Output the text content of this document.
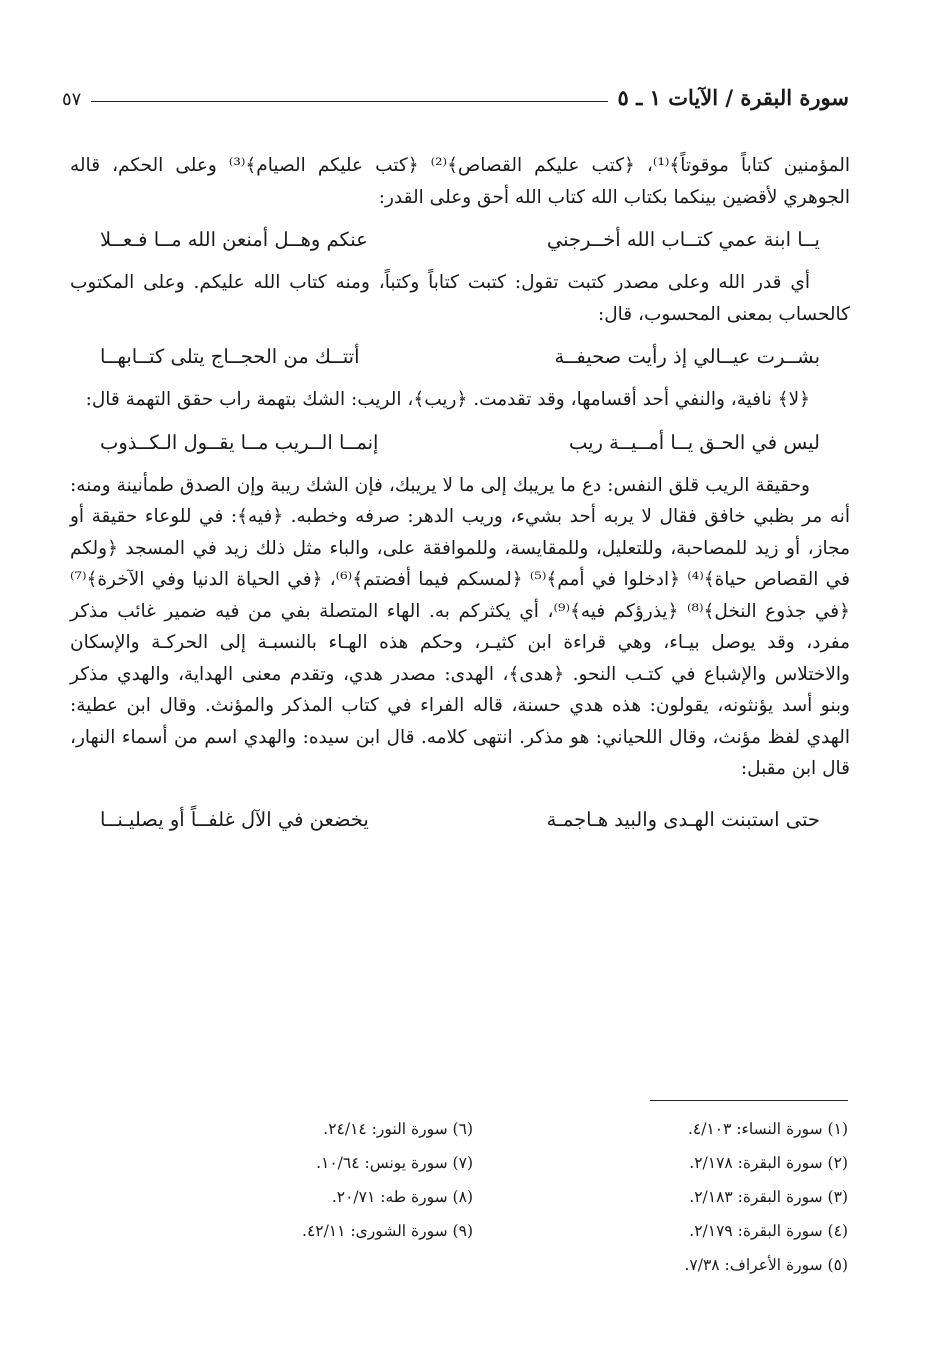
سورة البقرة / الآيات ١ ـ ٥
٥٧

المؤمنين كتاباً موقوتاً﴾⁽¹⁾، ﴿كتب عليكم القصاص﴾⁽²⁾ ﴿كتب عليكم الصيام﴾⁽³⁾ وعلى الحكم، قاله الجوهري لأقضين بينكما بكتاب الله كتاب الله أحق وعلى القدر:

يــا ابنة عمي كتــاب الله أخــرجني
عنكم وهــل أمنعن الله مــا فـعــلا

أي قدر الله وعلى مصدر كتبت تقول: كتبت كتاباً وكتباً، ومنه كتاب الله عليكم. وعلى المكتوب كالحساب بمعنى المحسوب، قال:

بشــرت عيــالي إذ رأيت صحيفــة
أتتــك من الحجــاج يتلى كتــابهــا

﴿لا﴾ نافية، والنفي أحد أقسامها، وقد تقدمت. ﴿ريب﴾، الريب: الشك بتهمة راب حقق التهمة قال:

ليس في الحـق يــا أمــيــة ريب
إنمــا الــريب مــا يقــول الـكــذوب

وحقيقة الريب قلق النفس: دع ما يريبك إلى ما لا يريبك، فإن الشك ريبة وإن الصدق طمأنينة ومنه: أنه مر بظبي خافق فقال لا يربه أحد بشيء، وريب الدهر: صرفه وخطبه. ﴿فيه﴾: في للوعاء حقيقة أو مجاز، أو زيد للمصاحبة، وللتعليل، وللمقايسة، وللموافقة على، والباء مثل ذلك زيد في المسجد ﴿ولكم في القصاص حياة﴾⁽⁴⁾ ﴿ادخلوا في أمم﴾⁽⁵⁾ ﴿لمسكم فيما أفضتم﴾⁽⁶⁾، ﴿في الحياة الدنيا وفي الآخرة﴾⁽⁷⁾ ﴿في جذوع النخل﴾⁽⁸⁾ ﴿يذرؤكم فيه﴾⁽⁹⁾، أي يكثركم به. الهاء المتصلة بفي من فيه ضمير غائب مذكر مفرد، وقد يوصل بيـاء، وهي قراءة ابن كثيـر، وحكم هذه الهـاء بالنسبـة إلى الحركـة والإسكان والاختلاس والإشباع في كتـب النحو. ﴿هدى﴾، الهدى: مصدر هدي، وتقدم معنى الهداية، والهدي مذكر وبنو أسد يؤنثونه، يقولون: هذه هدي حسنة، قاله الفراء في كتاب المذكر والمؤنث. وقال ابن عطية: الهدي لفظ مؤنث، وقال اللحياني: هو مذكر. انتهى كلامه. قال ابن سيده: والهدي اسم من أسماء النهار، قال ابن مقبل:

حتى استبنت الهـدى والبيد هـاجمـة
يخضعن في الآل غلفــاً أو يصليـنــا
(١) سورة النساء: ٤/١٠٣.
(٢) سورة البقرة: ٢/١٧٨.
(٣) سورة البقرة: ٢/١٨٣.
(٤) سورة البقرة: ٢/١٧٩.
(٥) سورة الأعراف: ٧/٣٨.
(٦) سورة النور: ٢٤/١٤.
(٧) سورة يونس: ١٠/٦٤.
(٨) سورة طه: ٢٠/٧١.
(٩) سورة الشورى: ٤٢/١١.
